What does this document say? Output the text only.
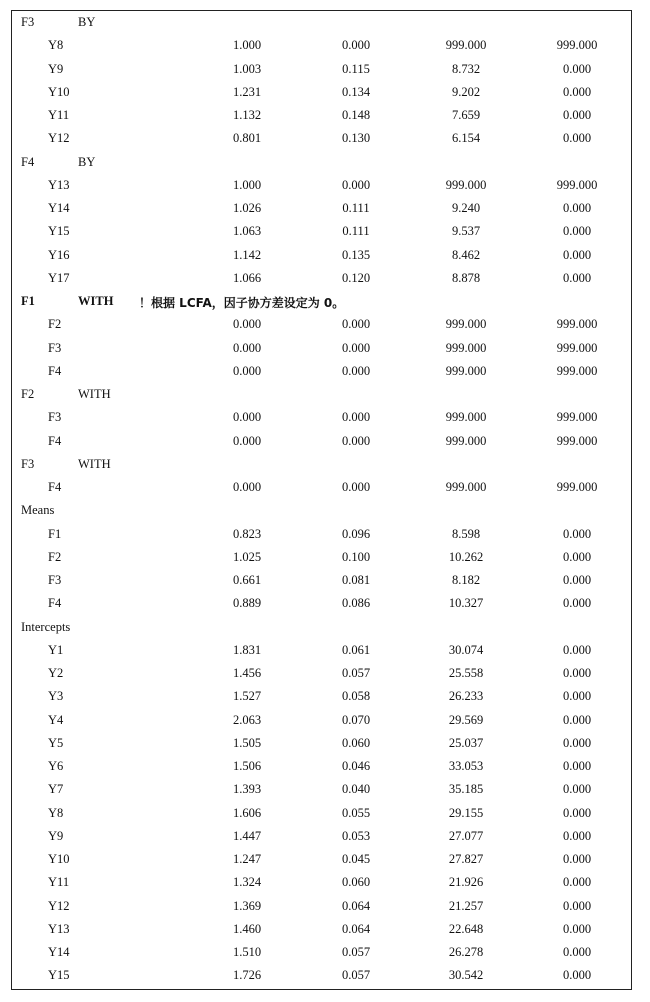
F3	BY
Y8	1.000	0.000	999.000	999.000
Y9	1.003	0.115	8.732	0.000
Y10	1.231	0.134	9.202	0.000
Y11	1.132	0.148	7.659	0.000
Y12	0.801	0.130	6.154	0.000
F4	BY
Y13	1.000	0.000	999.000	999.000
Y14	1.026	0.111	9.240	0.000
Y15	1.063	0.111	9.537	0.000
Y16	1.142	0.135	8.462	0.000
Y17	1.066	0.120	8.878	0.000
F1	WITH ！根据 LCFA，因子协方差设定为 0。
F2	0.000	0.000	999.000	999.000
F3	0.000	0.000	999.000	999.000
F4	0.000	0.000	999.000	999.000
F2	WITH
F3	0.000	0.000	999.000	999.000
F4	0.000	0.000	999.000	999.000
F3	WITH
F4	0.000	0.000	999.000	999.000
Means
F1	0.823	0.096	8.598	0.000
F2	1.025	0.100	10.262	0.000
F3	0.661	0.081	8.182	0.000
F4	0.889	0.086	10.327	0.000
Intercepts
Y1	1.831	0.061	30.074	0.000
Y2	1.456	0.057	25.558	0.000
Y3	1.527	0.058	26.233	0.000
Y4	2.063	0.070	29.569	0.000
Y5	1.505	0.060	25.037	0.000
Y6	1.506	0.046	33.053	0.000
Y7	1.393	0.040	35.185	0.000
Y8	1.606	0.055	29.155	0.000
Y9	1.447	0.053	27.077	0.000
Y10	1.247	0.045	27.827	0.000
Y11	1.324	0.060	21.926	0.000
Y12	1.369	0.064	21.257	0.000
Y13	1.460	0.064	22.648	0.000
Y14	1.510	0.057	26.278	0.000
Y15	1.726	0.057	30.542	0.000
